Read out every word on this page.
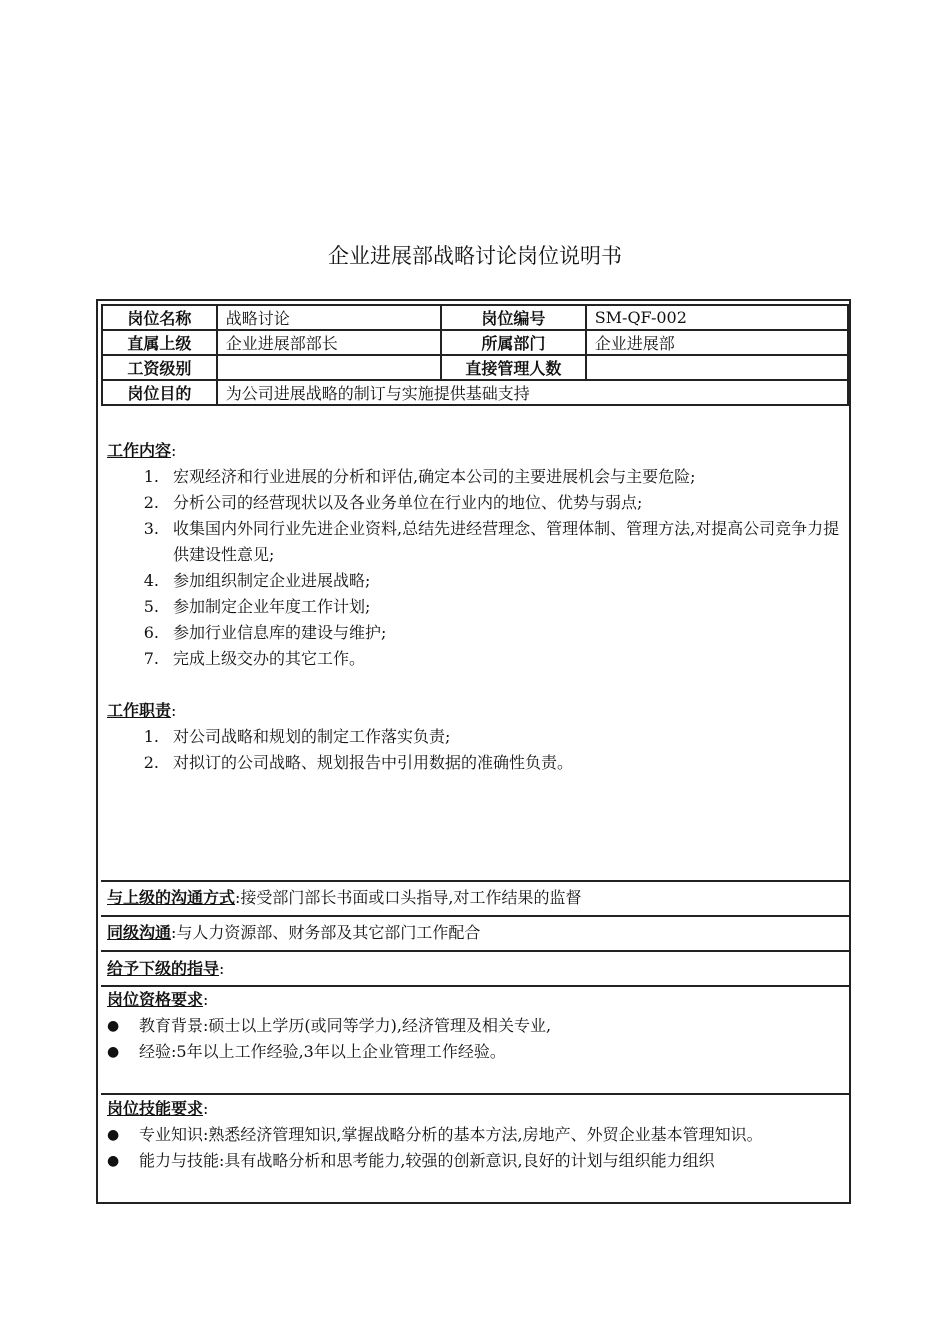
企业进展部战略讨论岗位说明书
岗位名称	战略讨论	岗位编号	SM-QF-002
直属上级	企业进展部部长	所属部门	企业进展部
工资级别		直接管理人数	
岗位目的	为公司进展战略的制订与实施提供基础支持		
工作内容:
1. 宏观经济和行业进展的分析和评估,确定本公司的主要进展机会与主要危险;
2. 分析公司的经营现状以及各业务单位在行业内的地位、优势与弱点;
3. 收集国内外同行业先进企业资料,总结先进经营理念、管理体制、管理方法,对提高公司竞争力提供建设性意见;
4. 参加组织制定企业进展战略;
5. 参加制定企业年度工作计划;
6. 参加行业信息库的建设与维护;
7. 完成上级交办的其它工作。
工作职责:
1. 对公司战略和规划的制定工作落实负责;
2. 对拟订的公司战略、规划报告中引用数据的准确性负责。
与上级的沟通方式:接受部门部长书面或口头指导,对工作结果的监督
同级沟通:与人力资源部、财务部及其它部门工作配合
给予下级的指导:
岗位资格要求:
● 教育背景:硕士以上学历(或同等学力),经济管理及相关专业,
● 经验:5年以上工作经验,3年以上企业管理工作经验。
岗位技能要求:
● 专业知识:熟悉经济管理知识,掌握战略分析的基本方法,房地产、外贸企业基本管理知识。
● 能力与技能:具有战略分析和思考能力,较强的创新意识,良好的计划与组织能力组织
